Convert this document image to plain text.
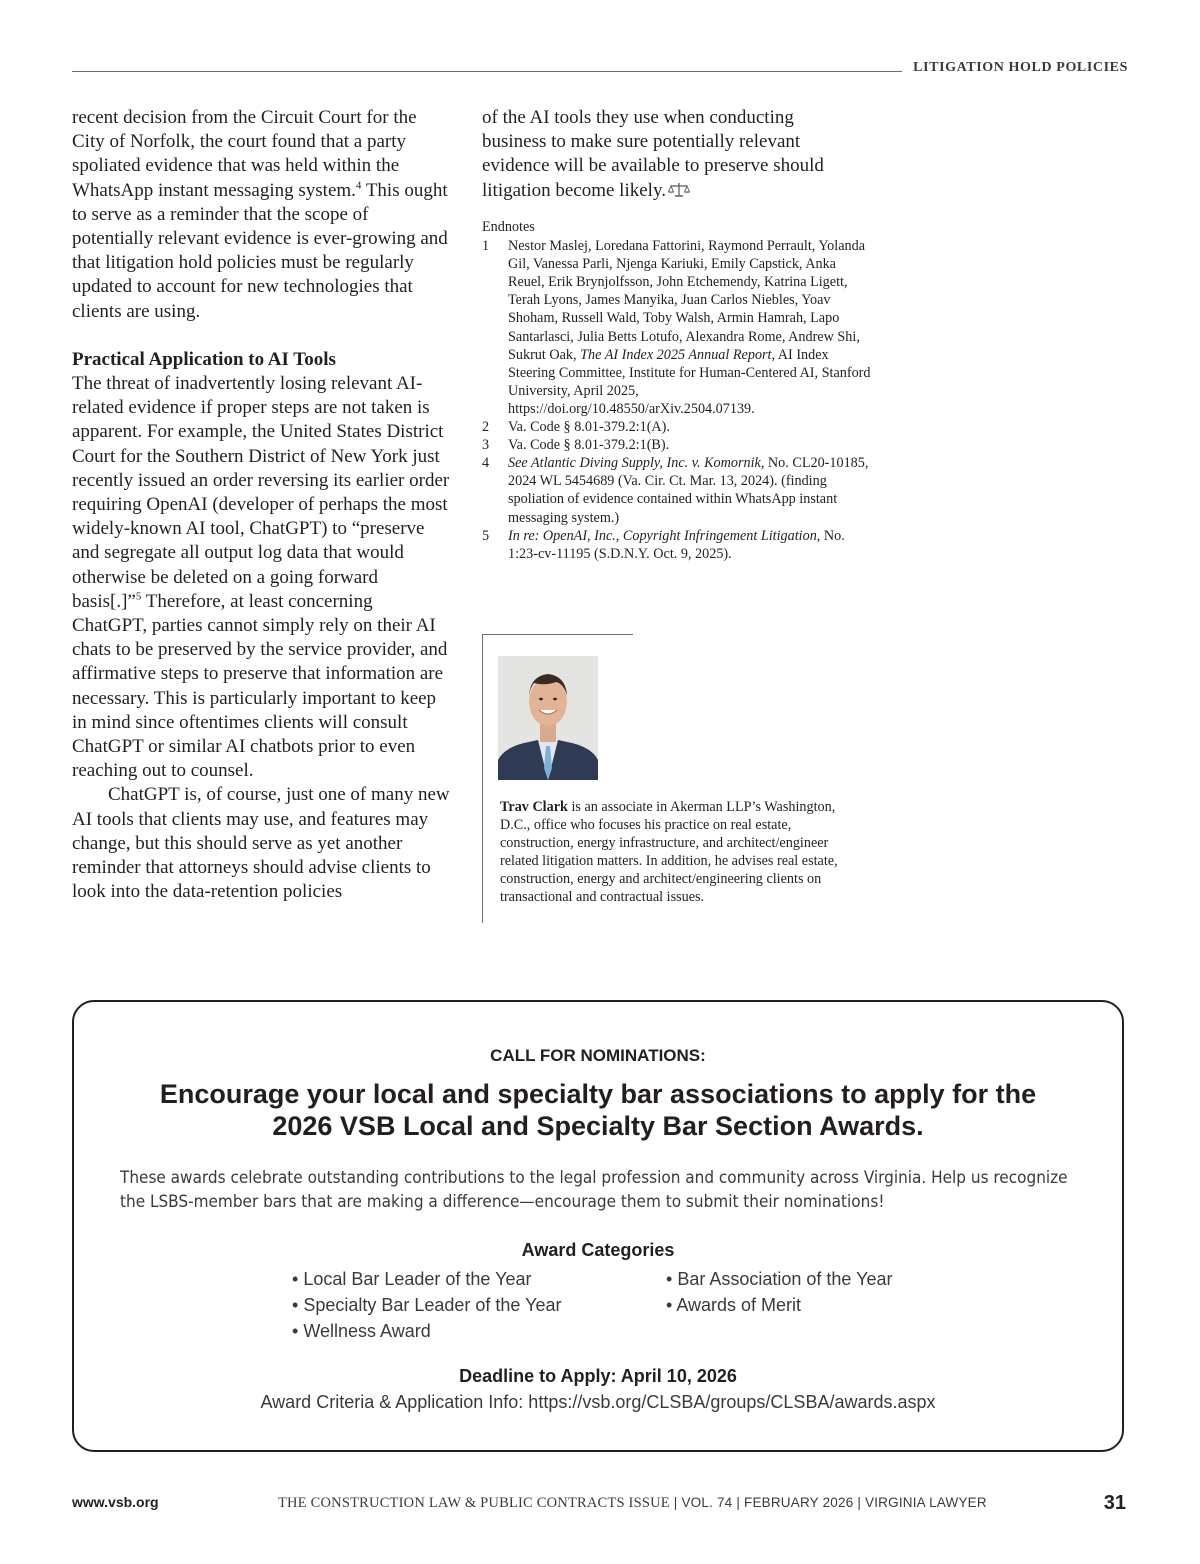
LITIGATION HOLD POLICIES

recent decision from the Circuit Court for the City of Norfolk, the court found that a party spoliated evidence that was held within the WhatsApp instant messaging system.$^4$ This ought to serve as a reminder that the scope of potentially relevant evidence is ever-growing and that litigation hold policies must be regularly updated to account for new technologies that clients are using.

Practical Application to AI Tools

The threat of inadvertently losing relevant AI-related evidence if proper steps are not taken is apparent. For example, the United States District Court for the Southern District of New York just recently issued an order reversing its earlier order requiring OpenAI (developer of perhaps the most widely-known AI tool, ChatGPT) to “preserve and segregate all output log data that would otherwise be deleted on a going forward basis[.]”$^5$ Therefore, at least concerning ChatGPT, parties cannot simply rely on their AI chats to be preserved by the service provider, and affirmative steps to preserve that information are necessary. This is particularly important to keep in mind since oftentimes clients will consult ChatGPT or similar AI chatbots prior to even reaching out to counsel.

ChatGPT is, of course, just one of many new AI tools that clients may use, and features may change, but this should serve as yet another reminder that attorneys should advise clients to look into the data-retention policies

of the AI tools they use when conducting business to make sure potentially relevant evidence will be available to preserve should litigation become likely.

Endnotes

1	Nestor Maslej, Loredana Fattorini, Raymond Perrault, Yolanda Gil, Vanessa Parli, Njenga Kariuki, Emily Capstick, Anka Reuel, Erik Brynjolfsson, John Etchemendy, Katrina Ligett, Terah Lyons, James Manyika, Juan Carlos Niebles, Yoav Shoham, Russell Wald, Toby Walsh, Armin Hamrah, Lapo Santarlasci, Julia Betts Lotufo, Alexandra Rome, Andrew Shi, Sukrut Oak, The AI Index 2025 Annual Report, AI Index Steering Committee, Institute for Human-Centered AI, Stanford University, April 2025, https://doi.org/10.48550/arXiv.2504.07139.
2	Va. Code § 8.01-379.2:1(A).
3	Va. Code § 8.01-379.2:1(B).
4	See Atlantic Diving Supply, Inc. v. Komornik, No. CL20-10185, 2024 WL 5454689 (Va. Cir. Ct. Mar. 13, 2024). (finding spoliation of evidence contained within WhatsApp instant messaging system.)
5	In re: OpenAI, Inc., Copyright Infringement Litigation, No. 1:23-cv-11195 (S.D.N.Y. Oct. 9, 2025).

Trav Clark is an associate in Akerman LLP’s Washington, D.C., office who focuses his practice on real estate, construction, energy infrastructure, and architect/engineer related litigation matters. In addition, he advises real estate, construction, energy and architect/engineering clients on transactional and contractual issues.

CALL FOR NOMINATIONS:
Encourage your local and specialty bar associations to apply for the
2026 VSB Local and Specialty Bar Section Awards.
These awards celebrate outstanding contributions to the legal profession and community across Virginia. Help us recognize the LSBS-member bars that are making a difference—encourage them to submit their nominations!
Award Categories
• Local Bar Leader of the Year
• Specialty Bar Leader of the Year
• Wellness Award
• Bar Association of the Year
• Awards of Merit
Deadline to Apply: April 10, 2026
Award Criteria & Application Info: https://vsb.org/CLSBA/groups/CLSBA/awards.aspx
www.vsb.org	THE CONSTRUCTION LAW & PUBLIC CONTRACTS ISSUE | VOL. 74 | FEBRUARY 2026 | VIRGINIA LAWYER	31
